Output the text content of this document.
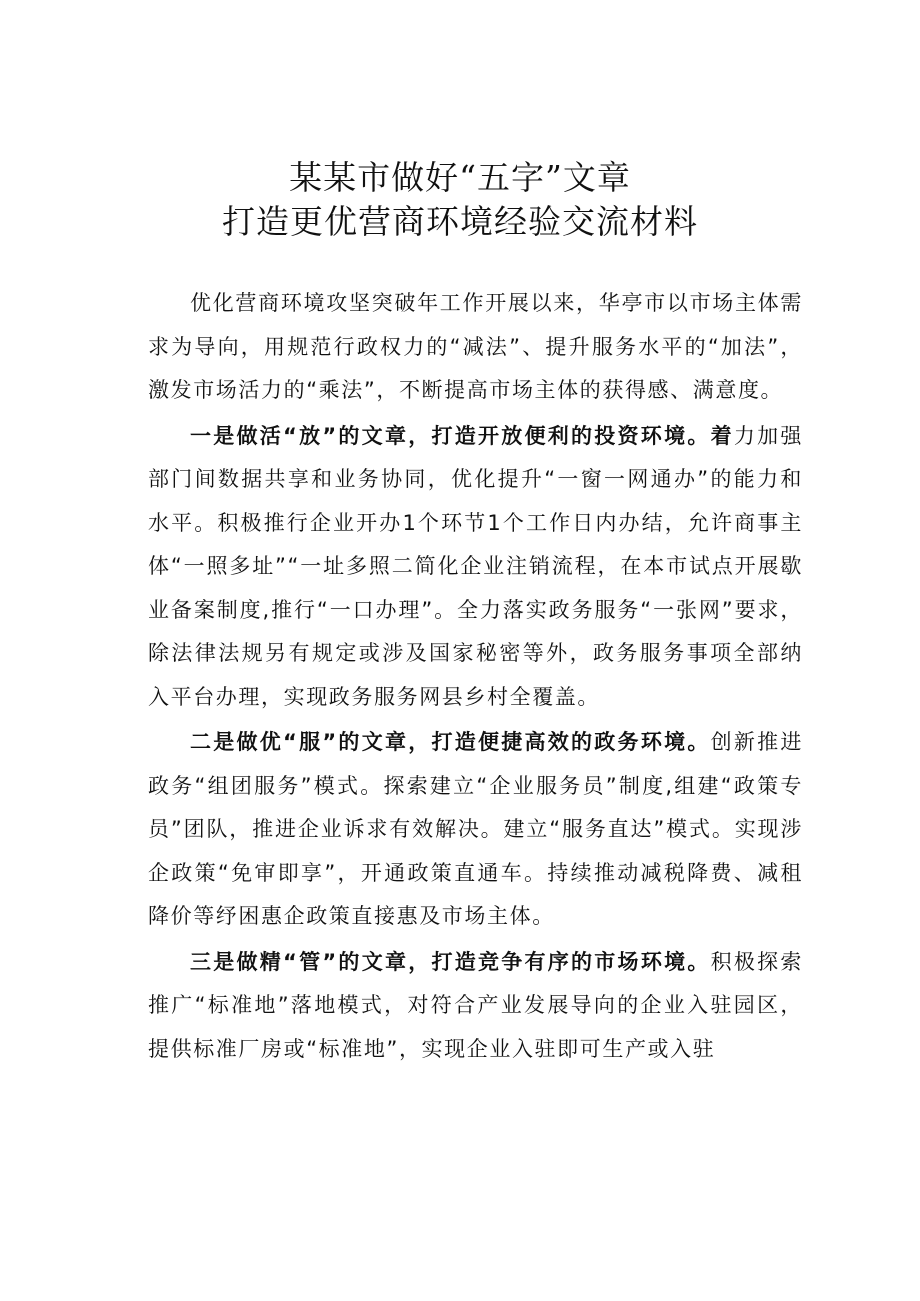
某某市做好“五字”文章
打造更优营商环境经验交流材料

优化营商环境攻坚突破年工作开展以来，华亭市以市场主体需求为导向，用规范行政权力的“减法”、提升服务水平的“加法”，激发市场活力的“乘法”，不断提高市场主体的获得感、满意度。

一是做活“放”的文章，打造开放便利的投资环境。着力加强部门间数据共享和业务协同，优化提升“一窗一网通办”的能力和水平。积极推行企业开办1个环节1个工作日内办结，允许商事主体“一照多址”“一址多照二简化企业注销流程，在本市试点开展歇业备案制度,推行“一口办理”。全力落实政务服务“一张网”要求，除法律法规另有规定或涉及国家秘密等外，政务服务事项全部纳入平台办理，实现政务服务网县乡村全覆盖。

二是做优“服”的文章，打造便捷高效的政务环境。创新推进政务“组团服务”模式。探索建立“企业服务员”制度,组建“政策专员”团队，推进企业诉求有效解决。建立“服务直达”模式。实现涉企政策“免审即享”，开通政策直通车。持续推动减税降费、减租降价等纾困惠企政策直接惠及市场主体。

三是做精“管”的文章，打造竞争有序的市场环境。积极探索推广“标准地”落地模式，对符合产业发展导向的企业入驻园区，提供标准厂房或“标准地”，实现企业入驻即可生产或入驻
